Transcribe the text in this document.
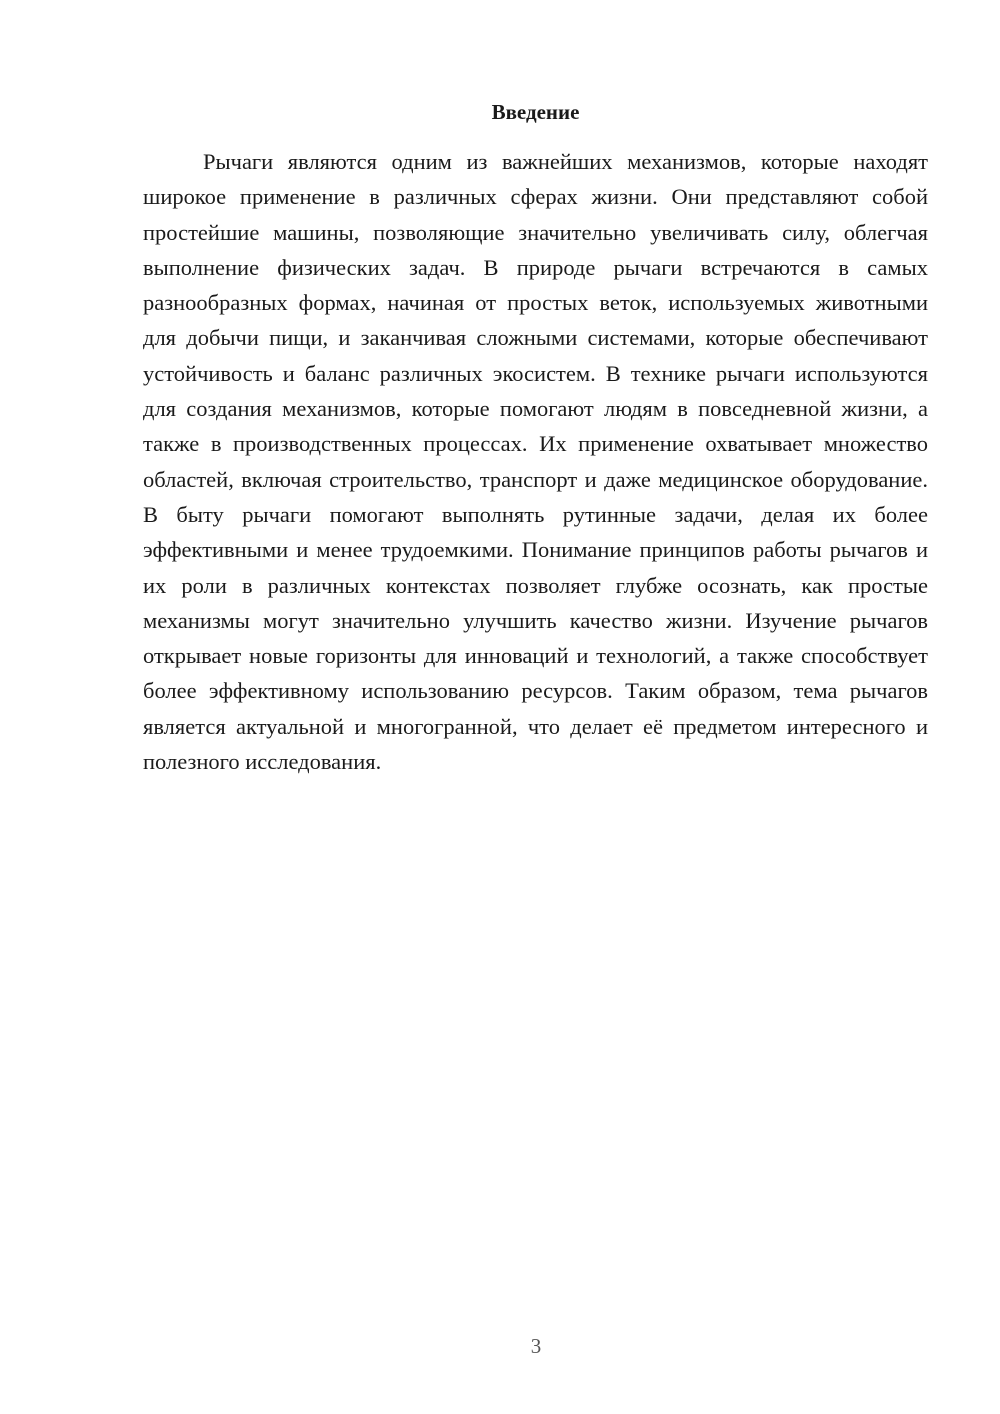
Введение

Рычаги являются одним из важнейших механизмов, которые находят широкое применение в различных сферах жизни. Они представляют собой простейшие машины, позволяющие значительно увеличивать силу, облегчая выполнение физических задач. В природе рычаги встречаются в самых разнообразных формах, начиная от простых веток, используемых животными для добычи пищи, и заканчивая сложными системами, которые обеспечивают устойчивость и баланс различных экосистем. В технике рычаги используются для создания механизмов, которые помогают людям в повседневной жизни, а также в производственных процессах. Их применение охватывает множество областей, включая строительство, транспорт и даже медицинское оборудование. В быту рычаги помогают выполнять рутинные задачи, делая их более эффективными и менее трудоемкими. Понимание принципов работы рычагов и их роли в различных контекстах позволяет глубже осознать, как простые механизмы могут значительно улучшить качество жизни. Изучение рычагов открывает новые горизонты для инноваций и технологий, а также способствует более эффективному использованию ресурсов. Таким образом, тема рычагов является актуальной и многогранной, что делает её предметом интересного и полезного исследования.

3
